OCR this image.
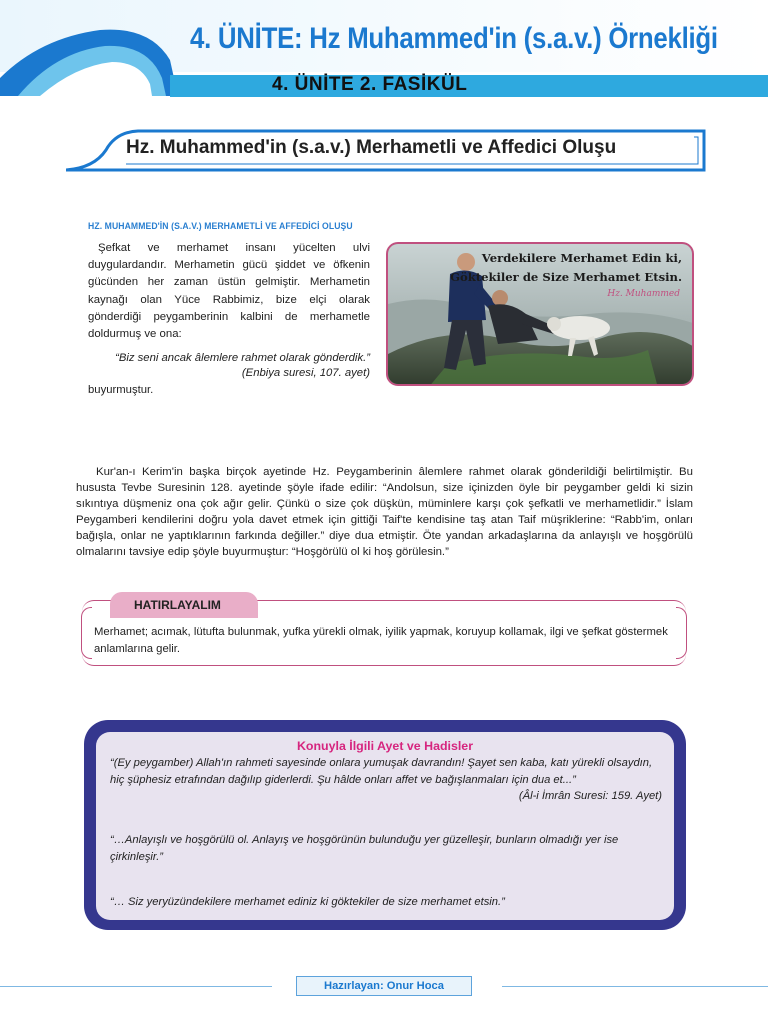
4. ÜNİTE: Hz Muhammed'in (s.a.v.) Örnekliği
4. ÜNİTE 2. FASİKÜL
Hz. Muhammed'in (s.a.v.) Merhametli ve Affedici Oluşu
HZ. MUHAMMED'İN (S.A.V.) MERHAMETLİ VE AFFEDİCİ OLUŞU

Şefkat ve merhamet insanı yücelten ulvi duygulardandır. Merhametin gücü şiddet ve öfkenin gücünden her zaman üstün gelmiştir. Merhametin kaynağı olan Yüce Rabbimiz, bize elçi olarak gönderdiği peygamberinin kalbini de merhametle doldurmuş ve ona:

“Biz seni ancak âlemlere rahmet olarak gönderdik.”
(Enbiya suresi, 107. ayet)
buyurmuştur.
Verdekilere Merhamet Edin ki,
Göktekiler de Size Merhamet Etsin.
Hz. Muhammed

Kur'an-ı Kerim'in başka birçok ayetinde Hz. Peygamberinin âlemlere rahmet olarak gönderildiği belirtilmiştir. Bu hususta Tevbe Suresinin 128. ayetinde şöyle ifade edilir: “Andolsun, size içinizden öyle bir peygamber geldi ki sizin sıkıntıya düşmeniz ona çok ağır gelir. Çünkü o size çok düşkün, müminlere karşı çok şefkatli ve merhametlidir.” İslam Peygamberi kendilerini doğru yola davet etmek için gittiği Taif'te kendisine taş atan Taif müşriklerine: “Rabb'im, onları bağışla, onlar ne yaptıklarının farkında değiller.” diye dua etmiştir. Öte yandan arkadaşlarına da anlayışlı ve hoşgörülü olmalarını tavsiye edip şöyle buyurmuştur: “Hoşgörülü ol ki hoş görülesin.”

HATIRLAYALIM

Merhamet; acımak, lütufta bulunmak, yufka yürekli olmak, iyilik yapmak, koruyup kollamak, ilgi ve şefkat göstermek anlamlarına gelir.

Konuyla İlgili Ayet ve Hadisler
“(Ey peygamber) Allah'ın rahmeti sayesinde onlara yumuşak davrandın! Şayet sen kaba, katı yürekli olsaydın, hiç şüphesiz etrafından dağılıp giderlerdi. Şu hâlde onları affet ve bağışlanmaları için dua et...”
(Âl-i İmrân Suresi: 159. Ayet)
“…Anlayışlı ve hoşgörülü ol. Anlayış ve hoşgörünün bulunduğu yer güzelleşir, bunların olmadığı yer ise çirkinleşir.”
“… Siz yeryüzündekilere merhamet ediniz ki göktekiler de size merhamet etsin.”
Hazırlayan: Onur Hoca
